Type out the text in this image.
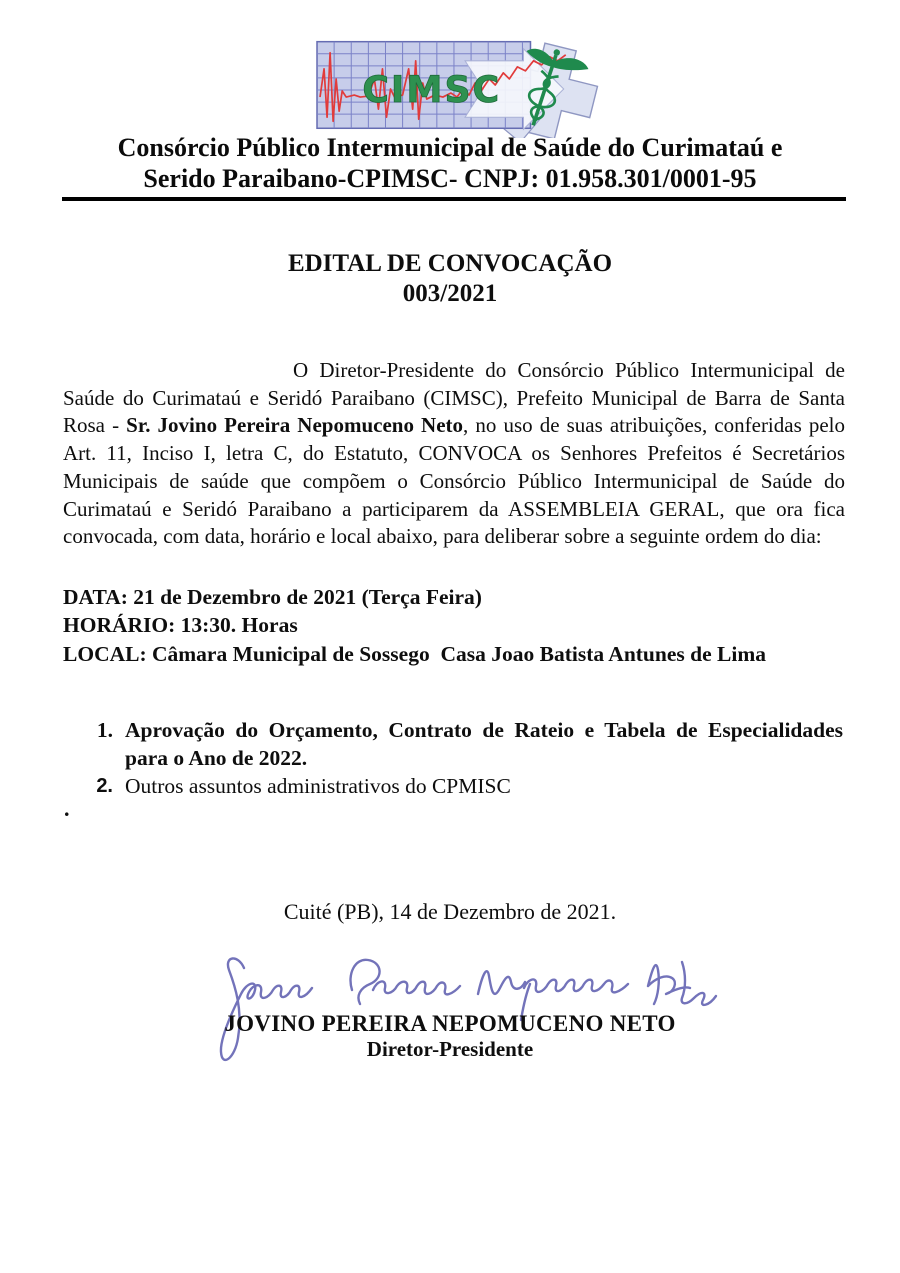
CIMSC
Consórcio Público Intermunicipal de Saúde do Curimataú e
Serido Paraibano-CPIMSC- CNPJ: 01.958.301/0001-95
EDITAL DE CONVOCAÇÃO
003/2021

O Diretor-Presidente do Consórcio Público Intermunicipal de Saúde do Curimataú e Seridó Paraibano (CIMSC), Prefeito Municipal de Barra de Santa Rosa - Sr. Jovino Pereira Nepomuceno Neto, no uso de suas atribuições, conferidas pelo Art. 11, Inciso I, letra C, do Estatuto, CONVOCA os Senhores Prefeitos é Secretários Municipais de saúde que compõem o Consórcio Público Intermunicipal de Saúde do Curimataú e Seridó Paraibano a participarem da ASSEMBLEIA GERAL, que ora fica convocada, com data, horário e local abaixo, para deliberar sobre a seguinte ordem do dia:

DATA: 21 de Dezembro de 2021 (Terça Feira)
HORÁRIO: 13:30. Horas
LOCAL: Câmara Municipal de Sossego  Casa Joao Batista Antunes de Lima
1. Aprovação do Orçamento, Contrato de Rateio e Tabela de Especialidades para o Ano de 2022.
2. Outros assuntos administrativos do CPMISC
.
Cuité (PB), 14 de Dezembro de 2021.
JOVINO PEREIRA NEPOMUCENO NETO
Diretor-Presidente
